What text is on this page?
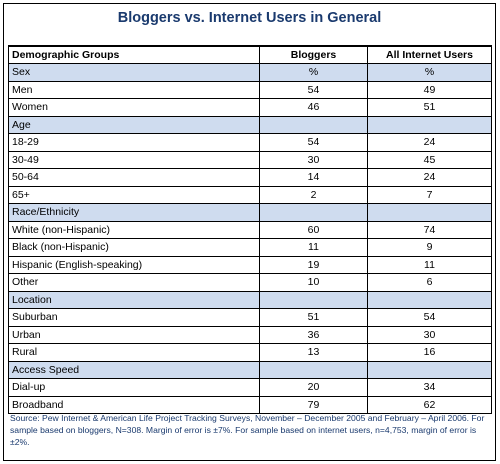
Bloggers vs. Internet Users in General
Demographic Groups	Bloggers	All Internet Users
Sex	%	%
Men	54	49
Women	46	51
Age		
18-29	54	24
30-49	30	45
50-64	14	24
65+	2	7
Race/Ethnicity		
White (non-Hispanic)	60	74
Black (non-Hispanic)	11	9
Hispanic (English-speaking)	19	11
Other	10	6
Location		
Suburban	51	54
Urban	36	30
Rural	13	16
Access Speed		
Dial-up	20	34
Broadband	79	62
Source: Pew Internet & American Life Project Tracking Surveys, November – December 2005 and February – April 2006. For sample based on bloggers, N=308. Margin of error is ±7%. For sample based on internet users, n=4,753, margin of error is ±2%.
